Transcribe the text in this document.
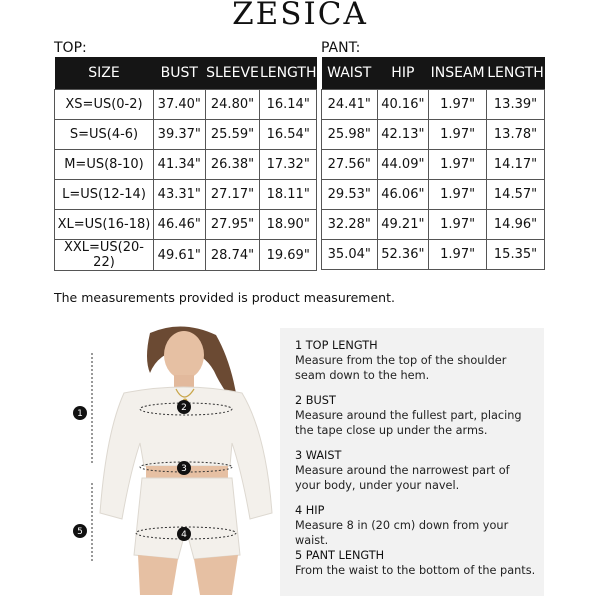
ZESICA
TOP:	PANT:
SIZE	BUST	SLEEVE	LENGTH
XS=US(0-2)	37.40"	24.80"	16.14"
S=US(4-6)	39.37"	25.59"	16.54"
M=US(8-10)	41.34"	26.38"	17.32"
L=US(12-14)	43.31"	27.17"	18.11"
XL=US(16-18)	46.46"	27.95"	18.90"
XXL=US(20-22)	49.61"	28.74"	19.69"
WAIST	HIP	INSEAM	LENGTH
24.41"	40.16"	1.97"	13.39"
25.98"	42.13"	1.97"	13.78"
27.56"	44.09"	1.97"	14.17"
29.53"	46.06"	1.97"	14.57"
32.28"	49.21"	1.97"	14.96"
35.04"	52.36"	1.97"	15.35"
The measurements provided is product measurement.
1
2
3
4
5
1 TOP LENGTH
Measure from the top of the shoulder
seam down to the hem.
2 BUST
Measure around the fullest part, placing
the tape close up under the arms.
3 WAIST
Measure around the narrowest part of
your body, under your navel.
4 HIP
Measure 8 in (20 cm) down from your waist.
5 PANT LENGTH
From the waist to the bottom of the pants.
